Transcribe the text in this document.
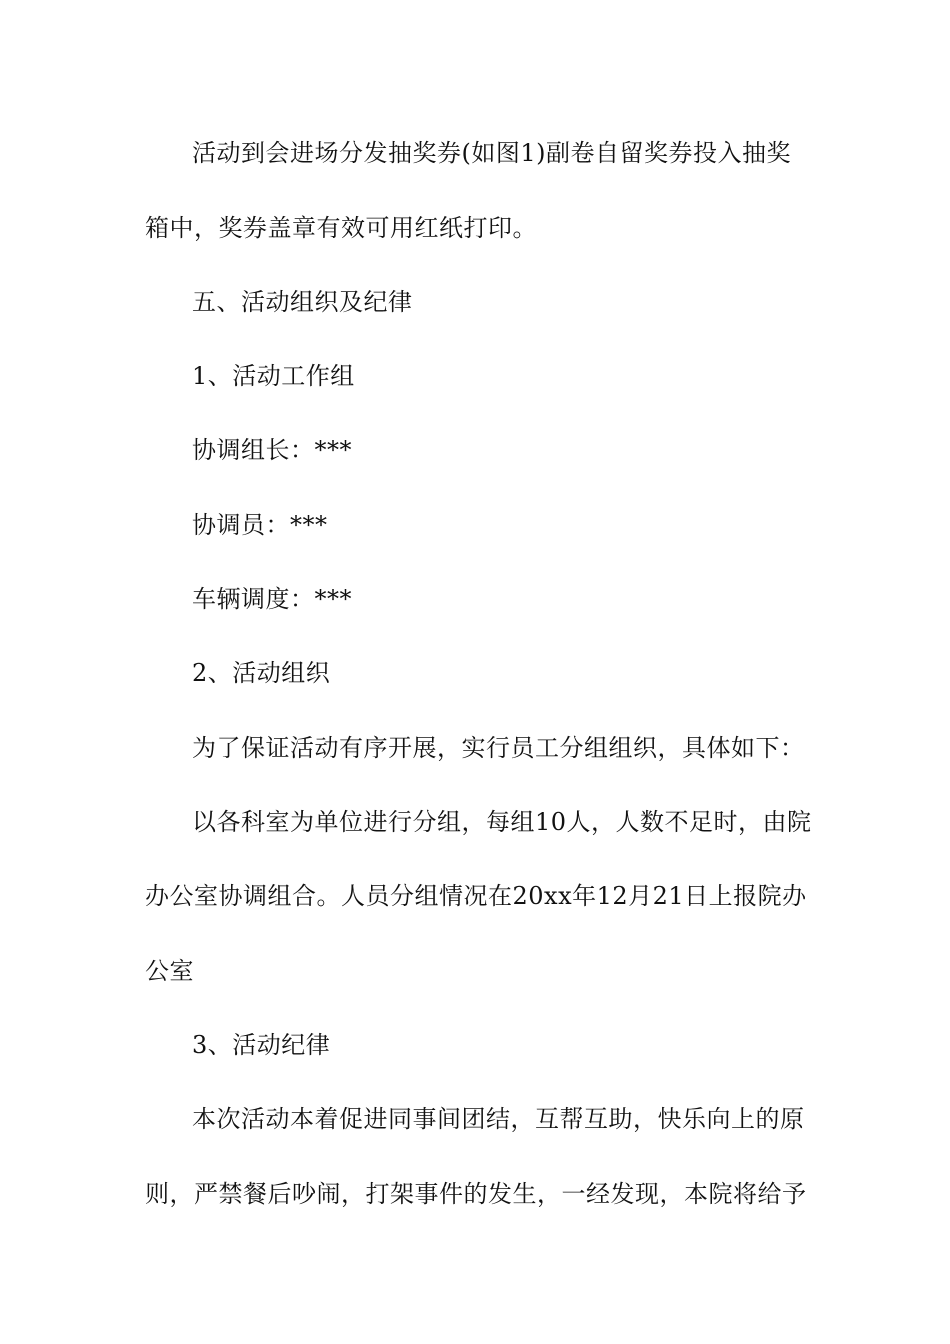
活动到会进场分发抽奖券(如图1)副卷自留奖券投入抽奖
箱中，奖券盖章有效可用红纸打印。
五、活动组织及纪律
1、活动工作组
协调组长：***
协调员：***
车辆调度：***
2、活动组织
为了保证活动有序开展，实行员工分组组织，具体如下：
以各科室为单位进行分组，每组10人，人数不足时，由院
办公室协调组合。人员分组情况在20xx年12月21日上报院办
公室
3、活动纪律
本次活动本着促进同事间团结，互帮互助，快乐向上的原
则，严禁餐后吵闹，打架事件的发生，一经发现，本院将给予
